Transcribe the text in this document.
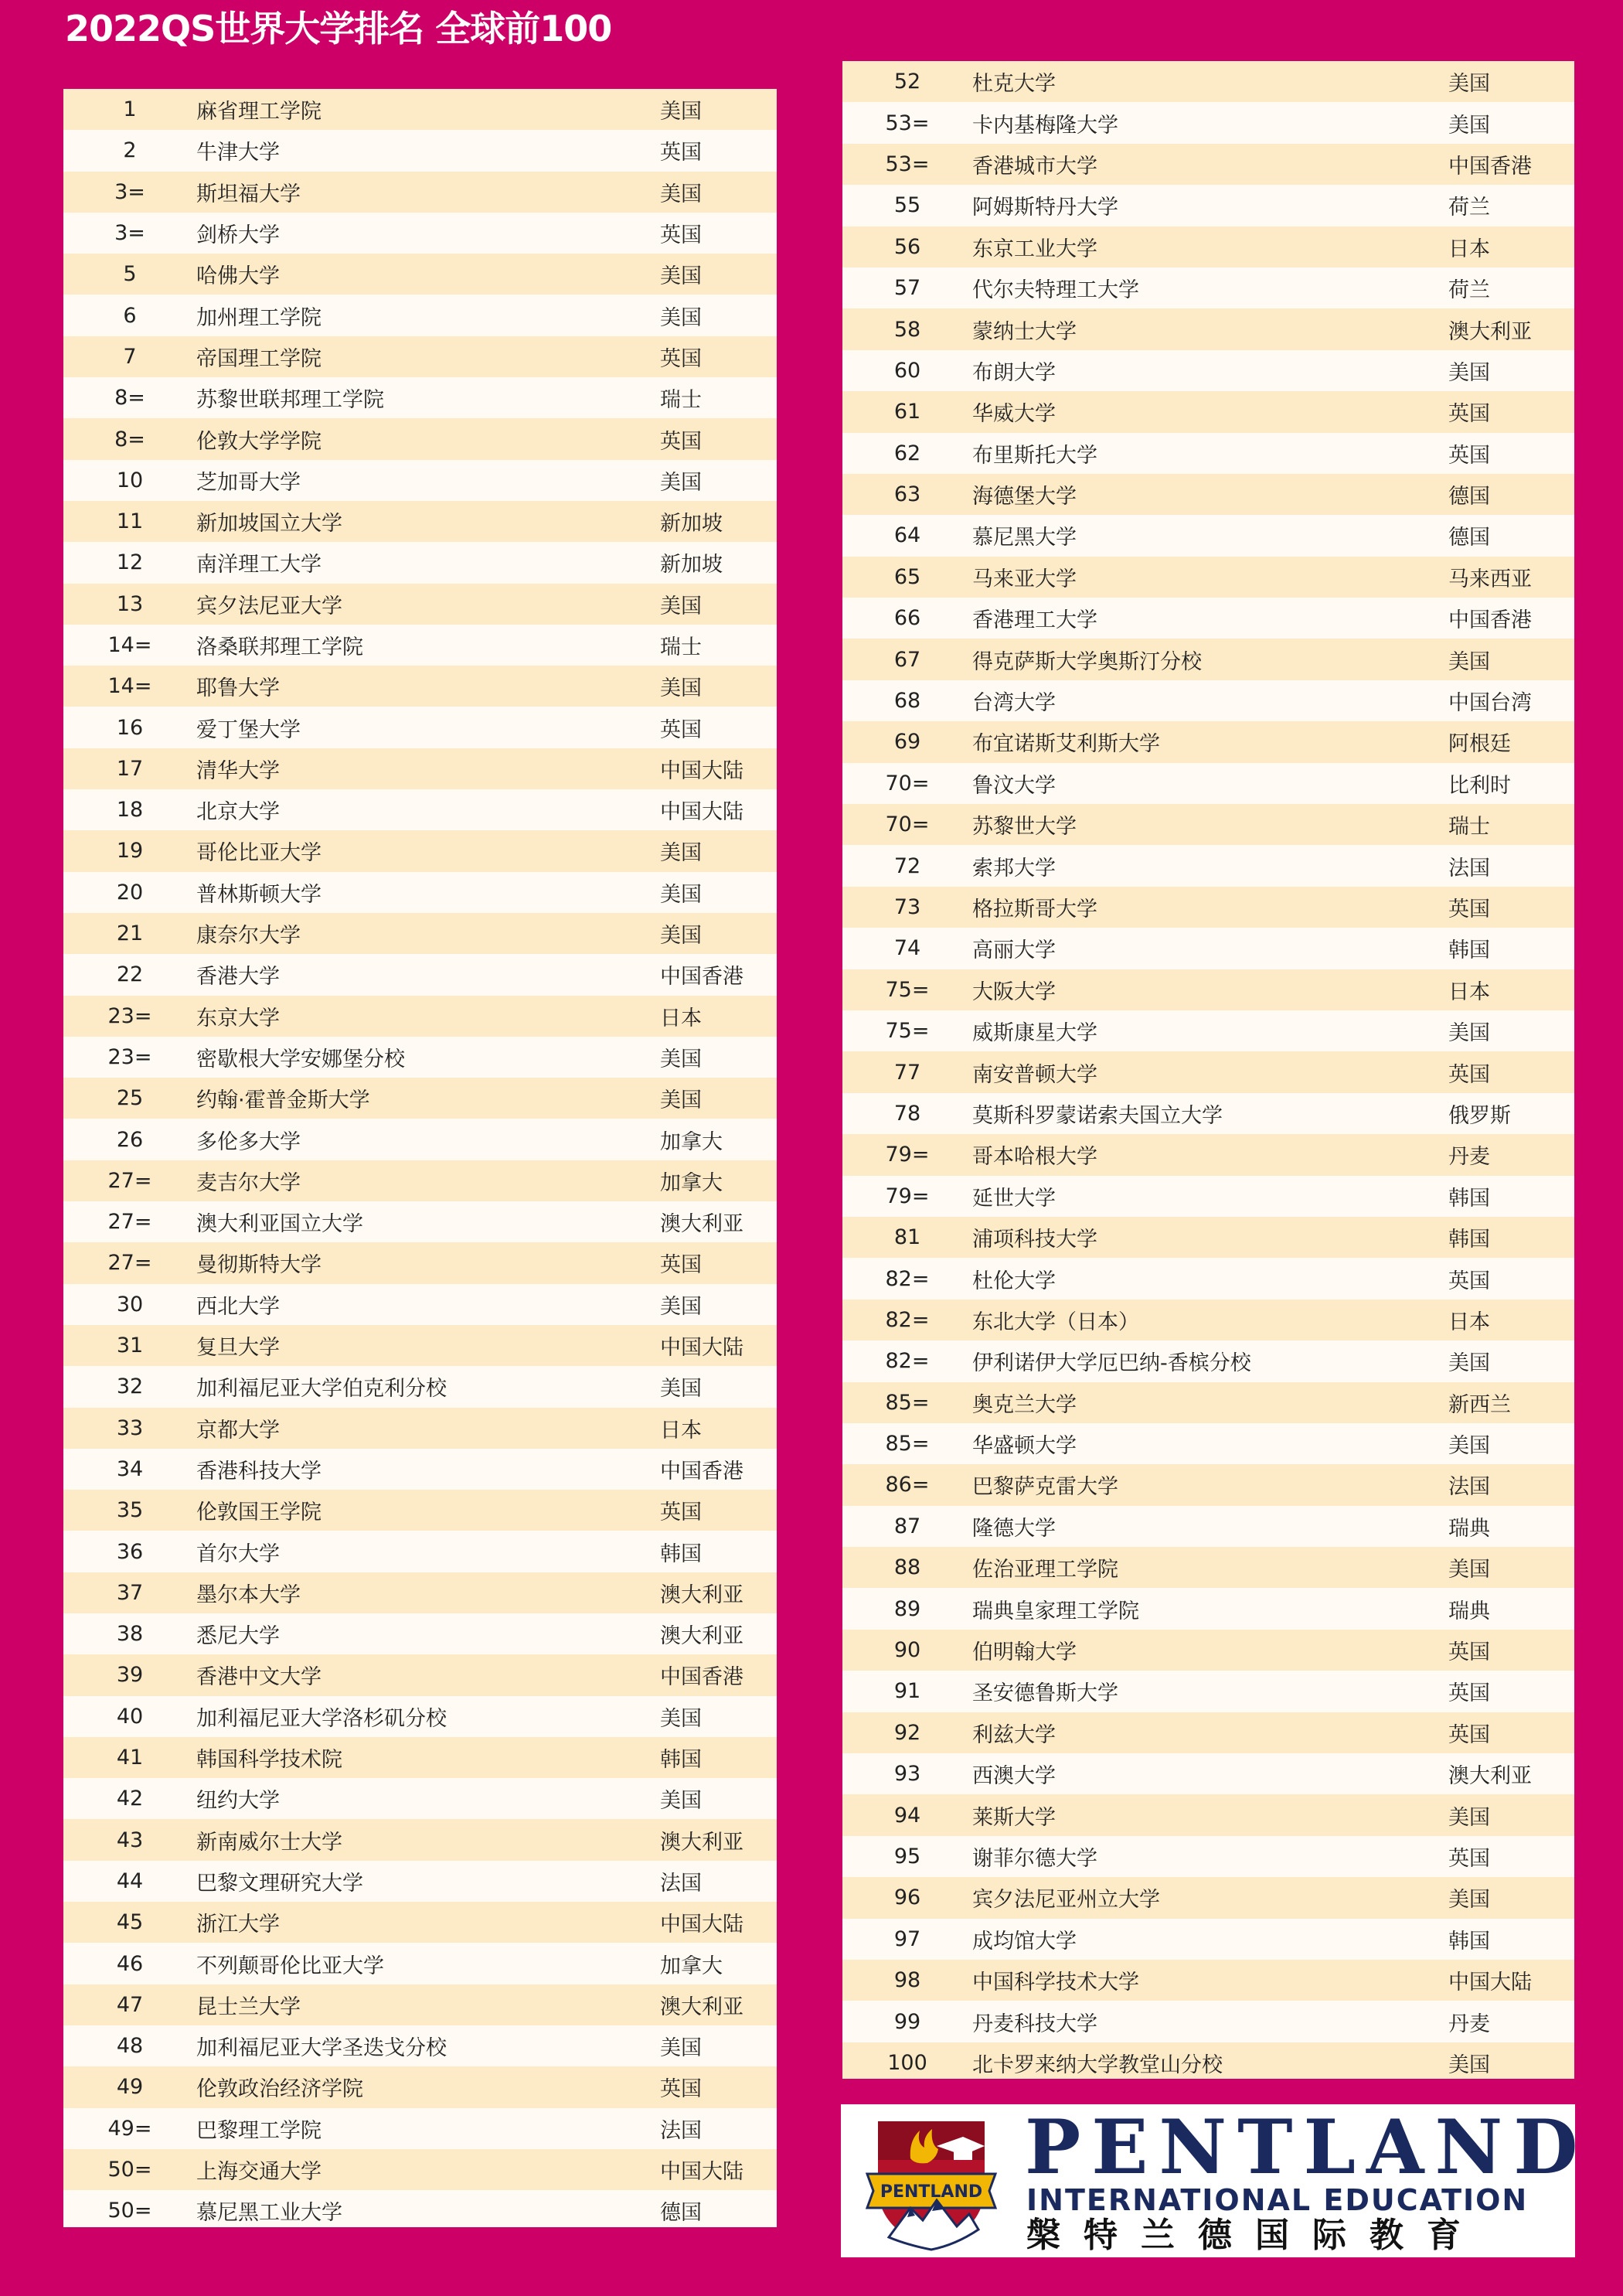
2022QS世界大学排名 全球前100
1	麻省理工学院	美国
2	牛津大学	英国
3=	斯坦福大学	美国
3=	剑桥大学	英国
5	哈佛大学	美国
6	加州理工学院	美国
7	帝国理工学院	英国
8=	苏黎世联邦理工学院	瑞士
8=	伦敦大学学院	英国
10	芝加哥大学	美国
11	新加坡国立大学	新加坡
12	南洋理工大学	新加坡
13	宾夕法尼亚大学	美国
14=	洛桑联邦理工学院	瑞士
14=	耶鲁大学	美国
16	爱丁堡大学	英国
17	清华大学	中国大陆
18	北京大学	中国大陆
19	哥伦比亚大学	美国
20	普林斯顿大学	美国
21	康奈尔大学	美国
22	香港大学	中国香港
23=	东京大学	日本
23=	密歇根大学安娜堡分校	美国
25	约翰·霍普金斯大学	美国
26	多伦多大学	加拿大
27=	麦吉尔大学	加拿大
27=	澳大利亚国立大学	澳大利亚
27=	曼彻斯特大学	英国
30	西北大学	美国
31	复旦大学	中国大陆
32	加利福尼亚大学伯克利分校	美国
33	京都大学	日本
34	香港科技大学	中国香港
35	伦敦国王学院	英国
36	首尔大学	韩国
37	墨尔本大学	澳大利亚
38	悉尼大学	澳大利亚
39	香港中文大学	中国香港
40	加利福尼亚大学洛杉矶分校	美国
41	韩国科学技术院	韩国
42	纽约大学	美国
43	新南威尔士大学	澳大利亚
44	巴黎文理研究大学	法国
45	浙江大学	中国大陆
46	不列颠哥伦比亚大学	加拿大
47	昆士兰大学	澳大利亚
48	加利福尼亚大学圣迭戈分校	美国
49	伦敦政治经济学院	英国
49=	巴黎理工学院	法国
50=	上海交通大学	中国大陆
50=	慕尼黑工业大学	德国
52	杜克大学	美国
53=	卡内基梅隆大学	美国
53=	香港城市大学	中国香港
55	阿姆斯特丹大学	荷兰
56	东京工业大学	日本
57	代尔夫特理工大学	荷兰
58	蒙纳士大学	澳大利亚
60	布朗大学	美国
61	华威大学	英国
62	布里斯托大学	英国
63	海德堡大学	德国
64	慕尼黑大学	德国
65	马来亚大学	马来西亚
66	香港理工大学	中国香港
67	得克萨斯大学奥斯汀分校	美国
68	台湾大学	中国台湾
69	布宜诺斯艾利斯大学	阿根廷
70=	鲁汶大学	比利时
70=	苏黎世大学	瑞士
72	索邦大学	法国
73	格拉斯哥大学	英国
74	高丽大学	韩国
75=	大阪大学	日本
75=	威斯康星大学	美国
77	南安普顿大学	英国
78	莫斯科罗蒙诺索夫国立大学	俄罗斯
79=	哥本哈根大学	丹麦
79=	延世大学	韩国
81	浦项科技大学	韩国
82=	杜伦大学	英国
82=	东北大学（日本）	日本
82=	伊利诺伊大学厄巴纳-香槟分校	美国
85=	奥克兰大学	新西兰
85=	华盛顿大学	美国
86=	巴黎萨克雷大学	法国
87	隆德大学	瑞典
88	佐治亚理工学院	美国
89	瑞典皇家理工学院	瑞典
90	伯明翰大学	英国
91	圣安德鲁斯大学	英国
92	利兹大学	英国
93	西澳大学	澳大利亚
94	莱斯大学	美国
95	谢菲尔德大学	英国
96	宾夕法尼亚州立大学	美国
97	成均馆大学	韩国
98	中国科学技术大学	中国大陆
99	丹麦科技大学	丹麦
100	北卡罗来纳大学教堂山分校	美国
PENTLAND
PENTLAND
INTERNATIONAL EDUCATION
槃特兰德国际教育
